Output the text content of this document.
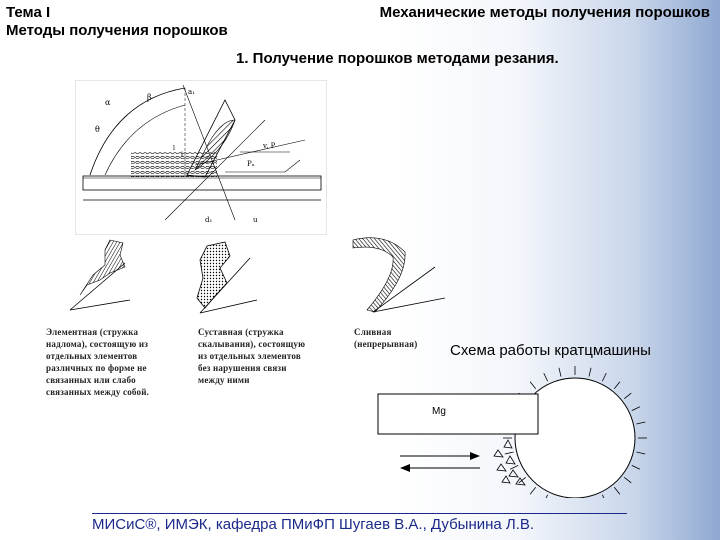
Тема I	Механические методы получения порошков
Методы получения порошков
1. Получение порошков методами резания.
α
β
θ
a₁
i
l	v, P
Pₙ
d₁	u
Элементная (стружка
надлома), состоящую из
отдельных элементов
различных по форме не
связанных или слабо
связанных между собой.
Суставная (стружка
скалывания), состоящую
из отдельных элементов
без нарушения связи
между ними
Сливная
(непрерывная) Схема работы кратцмашины
Mg
МИСиС®, ИМЭК, кафедра ПМиФП Шугаев В.А., Дубынина Л.В.
